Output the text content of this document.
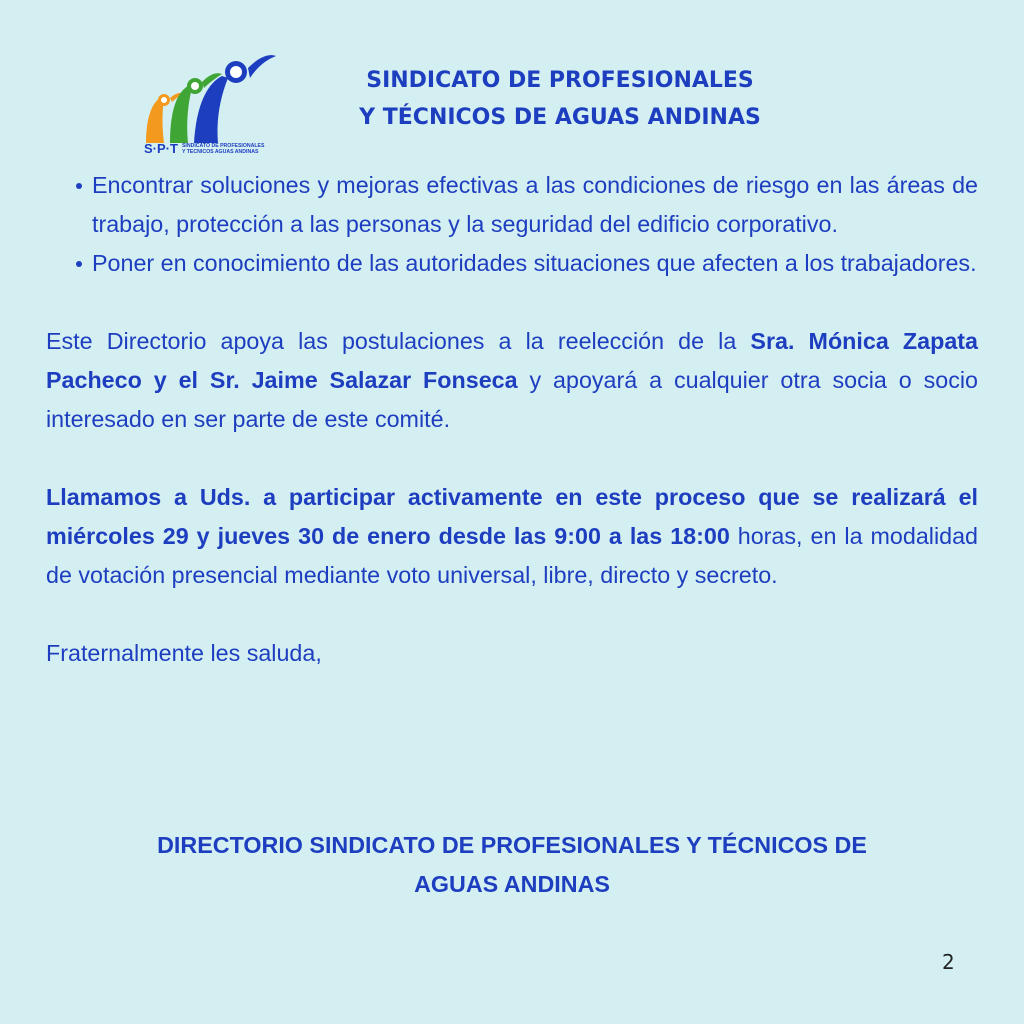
S·P·T SINDICATO DE PROFESIONALES
Y TECNICOS AGUAS ANDINAS
SINDICATO DE PROFESIONALES
Y TÉCNICOS DE AGUAS ANDINAS
Encontrar soluciones y mejoras efectivas a las condiciones de riesgo en las áreas de trabajo, protección a las personas y la seguridad del edificio corporativo.
Poner en conocimiento de las autoridades situaciones que afecten a los trabajadores.

Este Directorio apoya las postulaciones a la reelección de la Sra. Mónica Zapata Pacheco y el Sr. Jaime Salazar Fonseca y apoyará a cualquier otra socia o socio interesado en ser parte de este comité.

Llamamos a Uds. a participar activamente en este proceso que se realizará el miércoles 29 y jueves 30 de enero desde las 9:00 a las 18:00 horas, en la modalidad de votación presencial mediante voto universal, libre, directo y secreto.

Fraternalmente les saluda,

DIRECTORIO SINDICATO DE PROFESIONALES Y TÉCNICOS DE
AGUAS ANDINAS
2
